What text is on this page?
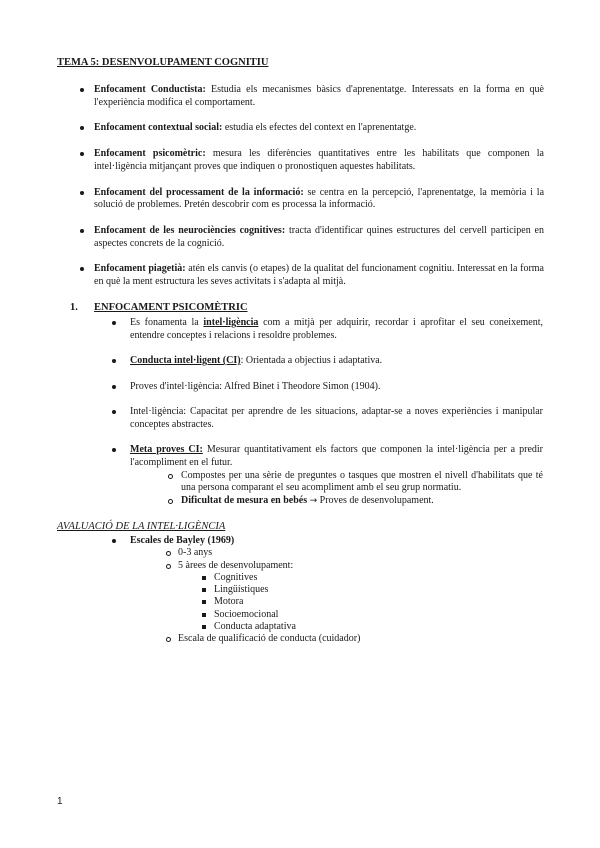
TEMA 5: DESENVOLUPAMENT COGNITIU
Enfocament Conductista: Estudia els mecanismes bàsics d'aprenentatge. Interessats en la forma en què l'experiència modifica el comportament.
Enfocament contextual social: estudia els efectes del context en l'aprenentatge.
Enfocament psicomètric: mesura les diferències quantitatives entre les habilitats que componen la intel·ligència mitjançant proves que indiquen o pronostiquen aquestes habilitats.
Enfocament del processament de la informació: se centra en la percepció, l'aprenentatge, la memòria i la solució de problemes. Pretén descobrir com es processa la informació.
Enfocament de les neurociències cognitives: tracta d'identificar quines estructures del cervell participen en aspectes concrets de la cognició.
Enfocament piagetià: atén els canvis (o etapes) de la qualitat del funcionament cognitiu. Interessat en la forma en què la ment estructura les seves activitats i s'adapta al mitjà.
1. ENFOCAMENT PSICOMÈTRIC
Es fonamenta la intel·ligència com a mitjà per adquirir, recordar i aprofitar el seu coneixement, entendre conceptes i relacions i resoldre problemes.
Conducta intel·ligent (CI): Orientada a objectius i adaptativa.
Proves d'intel·ligència: Alfred Binet i Theodore Simon (1904).
Intel·ligència: Capacitat per aprendre de les situacions, adaptar-se a noves experiències i manipular conceptes abstractes.
Meta proves CI: Mesurar quantitativament els factors que componen la intel·ligència per a predir l'acompliment en el futur.
Compostes per una sèrie de preguntes o tasques que mostren el nivell d'habilitats que té una persona comparant el seu acompliment amb el seu grup normatiu.
Dificultat de mesura en bebés → Proves de desenvolupament.
AVALUACIÓ DE LA INTEL·LIGÈNCIA
Escales de Bayley (1969)
0-3 anys
5 àrees de desenvolupament:
Cognitives
Lingüístiques
Motora
Socioemocional
Conducta adaptativa
Escala de qualificació de conducta (cuidador)
1
